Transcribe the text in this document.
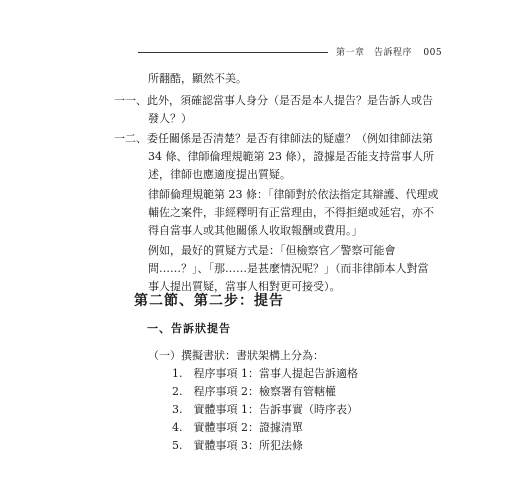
第一章　告訴程序 005
所翻酷，顯然不美。
一一、此外，須確認當事人身分（是否是本人提告？是告訴人或告
發人？）
一二、委任關係是否清楚？是否有律師法的疑慮？（例如律師法第
34 條、律師倫理規範第 23 條），證據是否能支持當事人所
述，律師也應適度提出質疑。
律師倫理規範第 23 條：「律師對於依法指定其辯護、代理或
輔佐之案件，非經釋明有正當理由，不得拒絕或延宕，亦不
得自當事人或其他關係人收取報酬或費用。」
例如，最好的質疑方式是：「但檢察官／警察可能會
問……？」、「那……是甚麼情況呢？」（而非律師本人對當
事人提出質疑，當事人相對更可接受）。
第二節、第二步：提告
一、告訴狀提告
（一）撰擬書狀：書狀架構上分為：
1.　程序事項 1：當事人提起告訴適格
2.　程序事項 2：檢察署有管轄權
3.　實體事項 1：告訴事實（時序表）
4.　實體事項 2：證據清單
5.　實體事項 3：所犯法條
